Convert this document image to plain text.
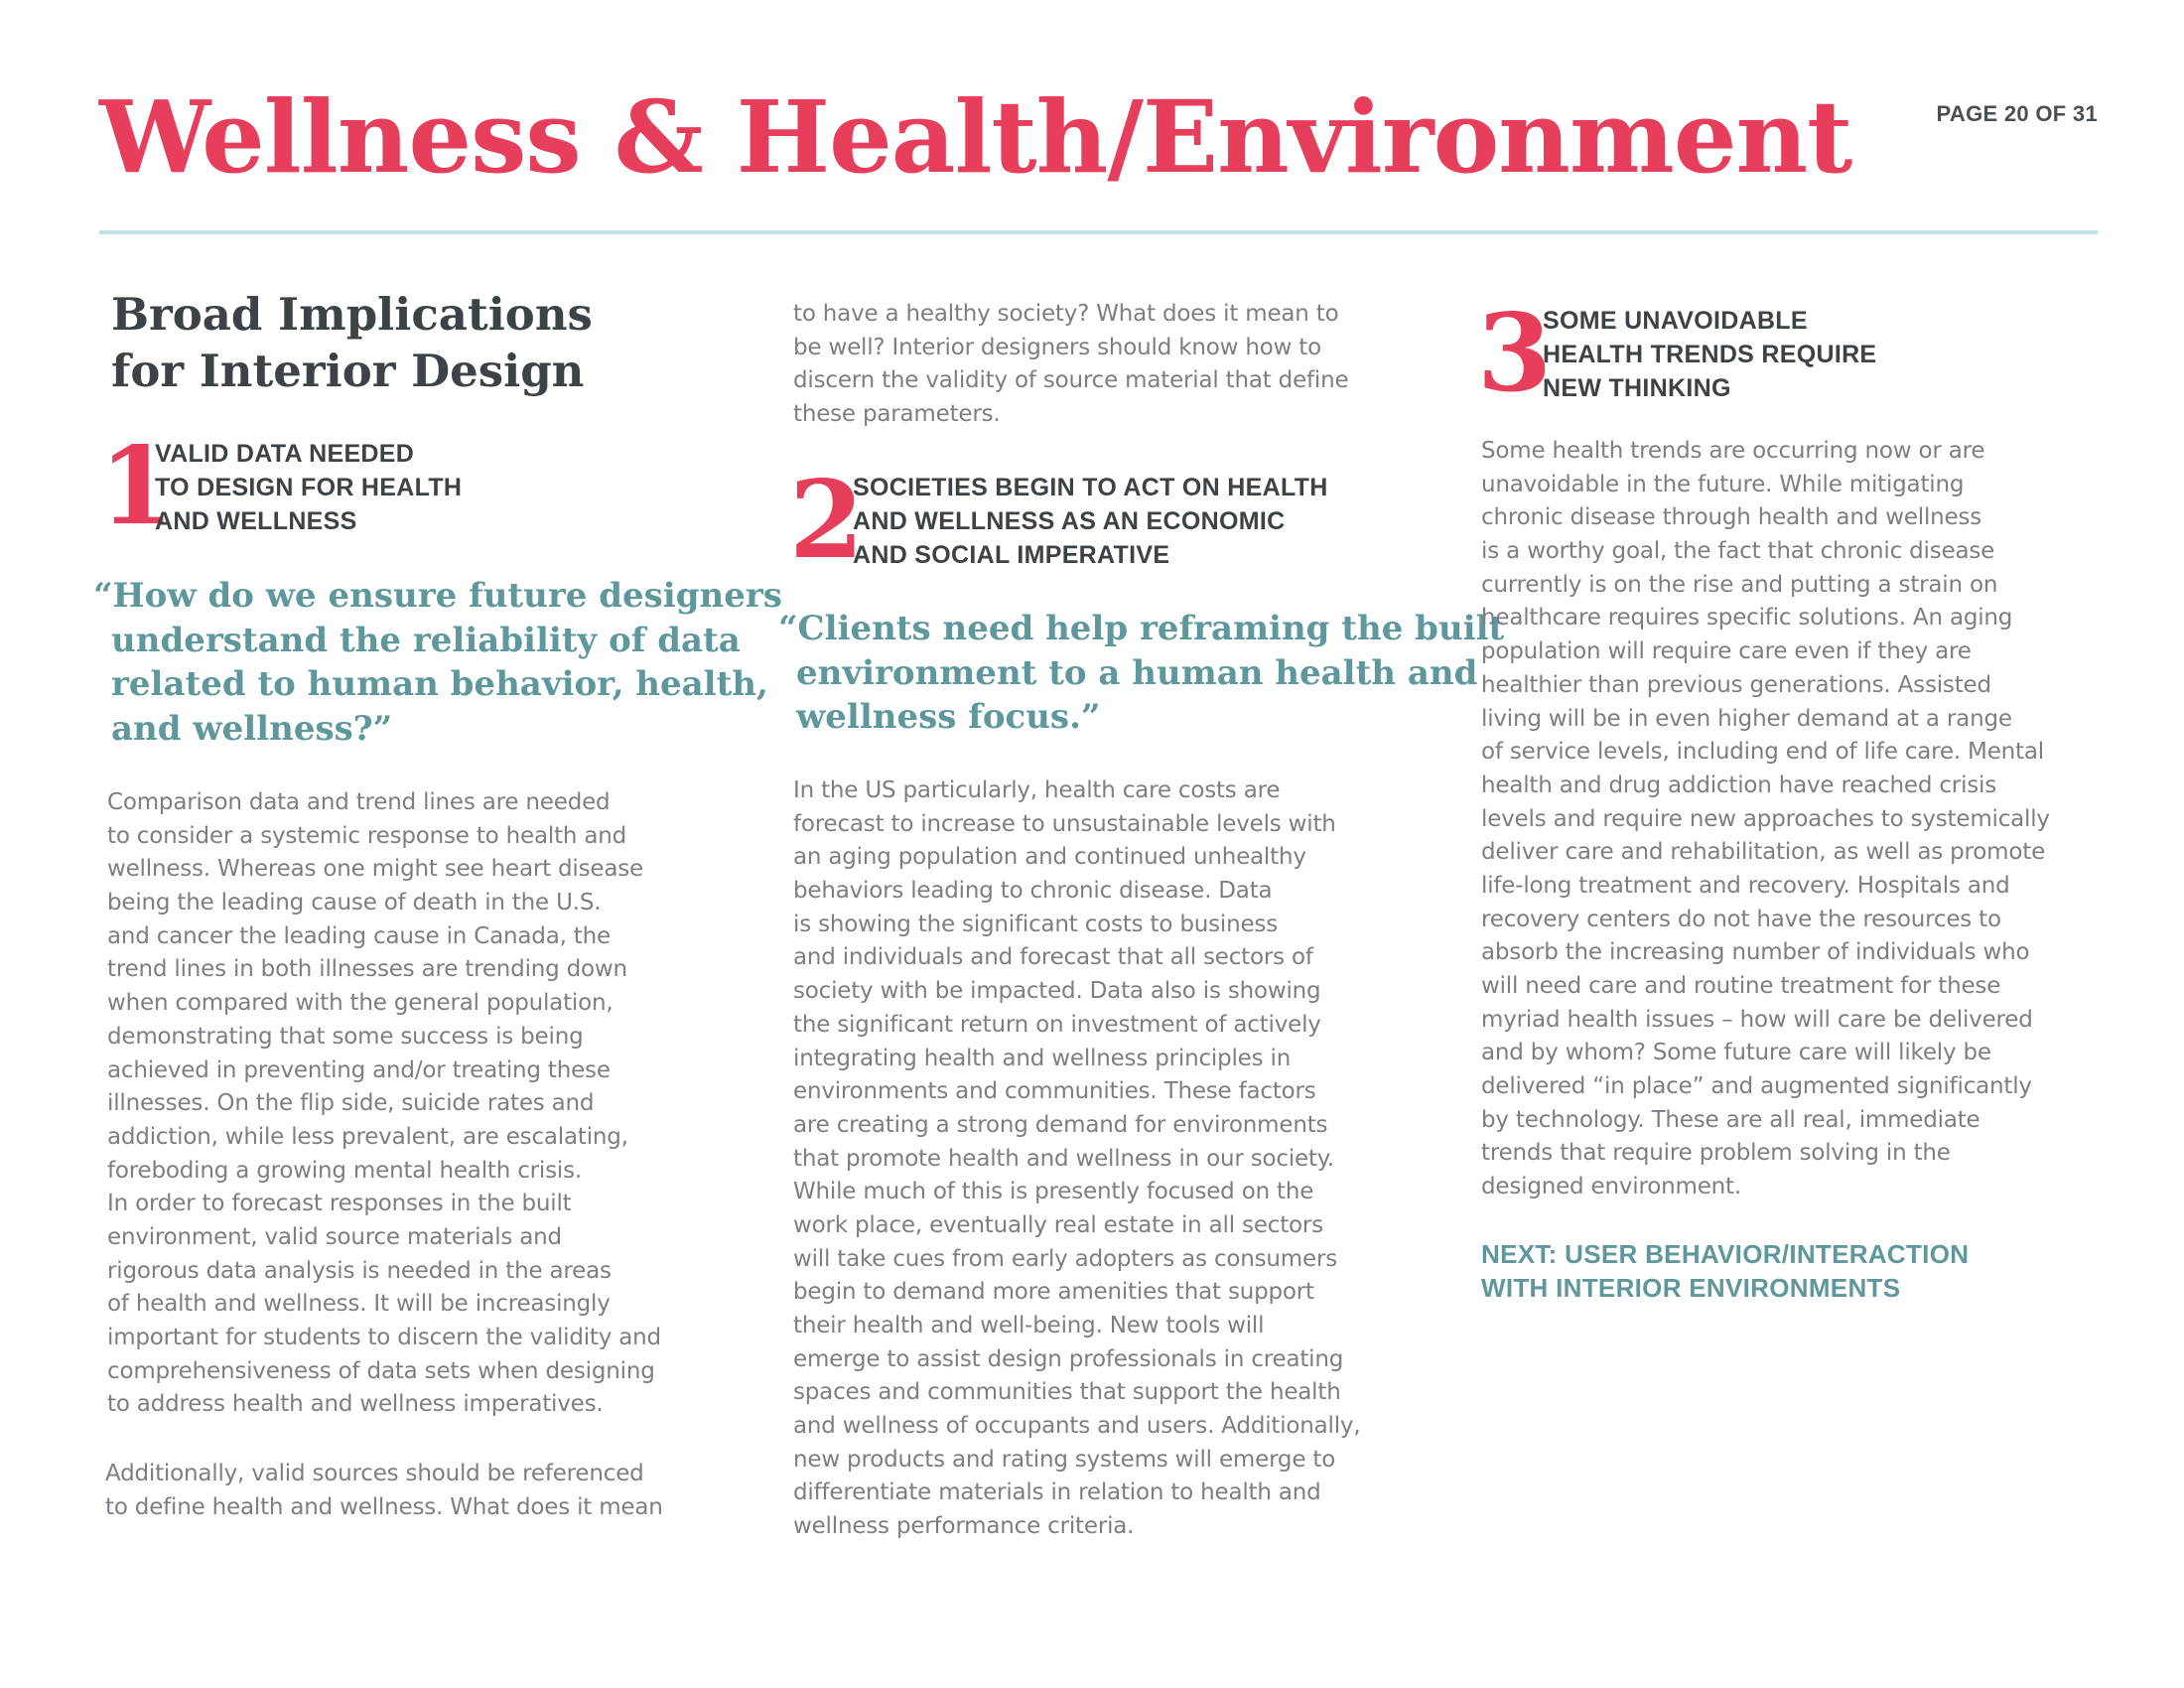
Wellness & Health/Environment	PAGE 20 OF 31
Broad Implications
for Interior Design
1
VALID DATA NEEDED
TO DESIGN FOR HEALTH
AND WELLNESS
“How do we ensure future designers
understand the reliability of data
related to human behavior, health,
and wellness?”
Comparison data and trend lines are needed
to consider a systemic response to health and
wellness. Whereas one might see heart disease
being the leading cause of death in the U.S.
and cancer the leading cause in Canada, the
trend lines in both illnesses are trending down
when compared with the general population,
demonstrating that some success is being
achieved in preventing and/or treating these
illnesses. On the flip side, suicide rates and
addiction, while less prevalent, are escalating,
foreboding a growing mental health crisis.
In order to forecast responses in the built
environment, valid source materials and
rigorous data analysis is needed in the areas
of health and wellness. It will be increasingly
important for students to discern the validity and
comprehensiveness of data sets when designing
to address health and wellness imperatives.
Additionally, valid sources should be referenced
to define health and wellness. What does it mean
to have a healthy society? What does it mean to
be well? Interior designers should know how to
discern the validity of source material that define
these parameters.
2
SOCIETIES BEGIN TO ACT ON HEALTH
AND WELLNESS AS AN ECONOMIC
AND SOCIAL IMPERATIVE
“Clients need help reframing the built
environment to a human health and
wellness focus.”
In the US particularly, health care costs are
forecast to increase to unsustainable levels with
an aging population and continued unhealthy
behaviors leading to chronic disease. Data
is showing the significant costs to business
and individuals and forecast that all sectors of
society with be impacted. Data also is showing
the significant return on investment of actively
integrating health and wellness principles in
environments and communities. These factors
are creating a strong demand for environments
that promote health and wellness in our society.
While much of this is presently focused on the
work place, eventually real estate in all sectors
will take cues from early adopters as consumers
begin to demand more amenities that support
their health and well-being. New tools will
emerge to assist design professionals in creating
spaces and communities that support the health
and wellness of occupants and users. Additionally,
new products and rating systems will emerge to
differentiate materials in relation to health and
wellness performance criteria.
3
SOME UNAVOIDABLE
HEALTH TRENDS REQUIRE
NEW THINKING
Some health trends are occurring now or are
unavoidable in the future. While mitigating
chronic disease through health and wellness
is a worthy goal, the fact that chronic disease
currently is on the rise and putting a strain on
healthcare requires specific solutions. An aging
population will require care even if they are
healthier than previous generations. Assisted
living will be in even higher demand at a range
of service levels, including end of life care. Mental
health and drug addiction have reached crisis
levels and require new approaches to systemically
deliver care and rehabilitation, as well as promote
life-long treatment and recovery. Hospitals and
recovery centers do not have the resources to
absorb the increasing number of individuals who
will need care and routine treatment for these
myriad health issues – how will care be delivered
and by whom? Some future care will likely be
delivered “in place” and augmented significantly
by technology. These are all real, immediate
trends that require problem solving in the
designed environment.
NEXT: USER BEHAVIOR/INTERACTION
WITH INTERIOR ENVIRONMENTS
